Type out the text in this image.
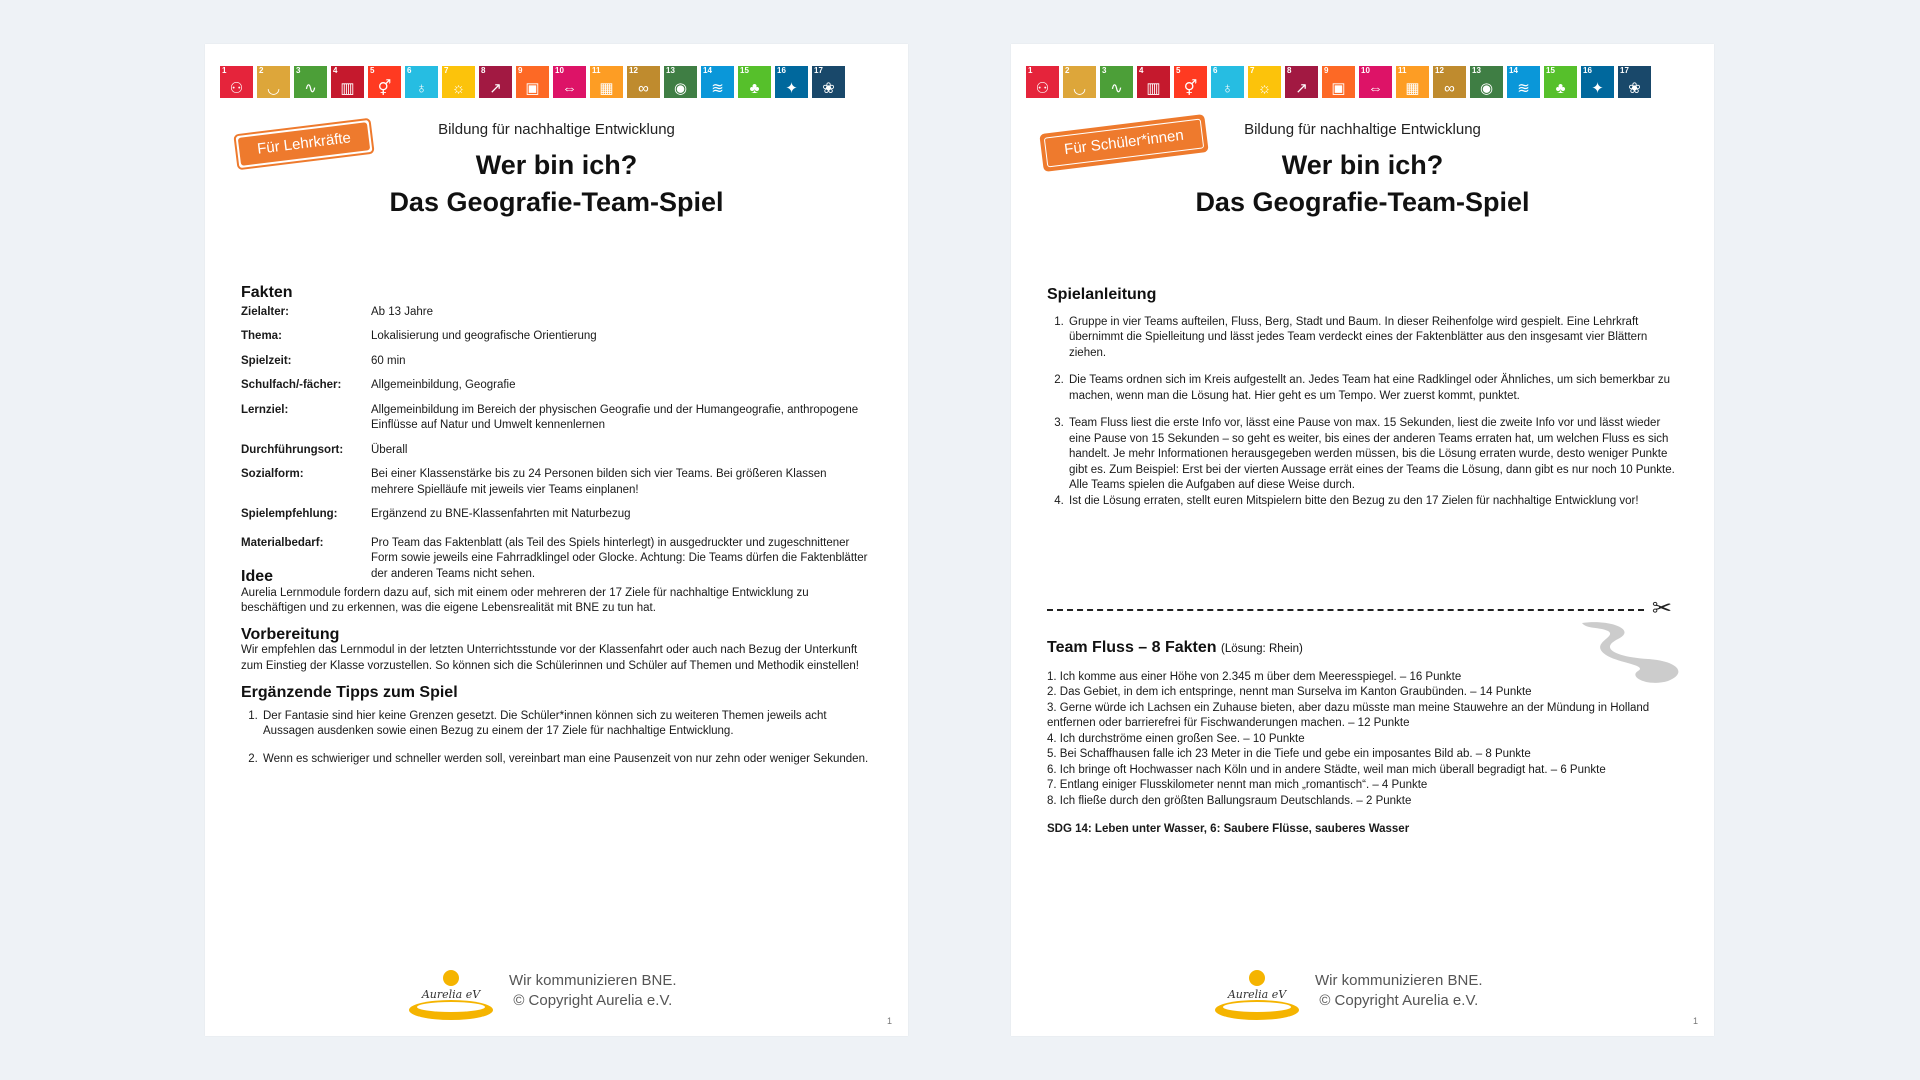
1
⚇
2
◡
3
∿
4
▥
5
⚥
6
♁
7
☼
8
↗
9
▣
10
⇔
11
▦
12
∞
13
◉
14
≋
15
♣
16
✦
17
❀
Für Lehrkräfte	Bildung für nachhaltige Entwicklung
Wer bin ich?
Das Geografie-Team-Spiel
Fakten
Zielalter:	Ab 13 Jahre
Thema:	Lokalisierung und geografische Orientierung
Spielzeit:	60 min
Schulfach/-fächer:	Allgemeinbildung, Geografie
Lernziel:	Allgemeinbildung im Bereich der physischen Geografie und der Humangeografie, anthropogene Einflüsse auf Natur und Umwelt kennenlernen
Durchführungsort:	Überall
Sozialform:	Bei einer Klassenstärke bis zu 24 Personen bilden sich vier Teams. Bei größeren Klassen mehrere Spielläufe mit jeweils vier Teams einplanen!
Spielempfehlung:	Ergänzend zu BNE-Klassenfahrten mit Naturbezug
Materialbedarf:	Pro Team das Faktenblatt (als Teil des Spiels hinterlegt) in ausgedruckter und zugeschnittener Form sowie jeweils eine Fahrradklingel oder Glocke. Achtung: Die Teams dürfen die Faktenblätter der anderen Teams nicht sehen.
Idee
Aurelia Lernmodule fordern dazu auf, sich mit einem oder mehreren der 17 Ziele für nachhaltige Entwicklung zu beschäftigen und zu erkennen, was die eigene Lebensrealität mit BNE zu tun hat.
Vorbereitung
Wir empfehlen das Lernmodul in der letzten Unterrichtsstunde vor der Klassenfahrt oder auch nach Bezug der Unterkunft zum Einstieg der Klasse vorzustellen. So können sich die Schülerinnen und Schüler auf Themen und Methodik einstellen!
Ergänzende Tipps zum Spiel
1. Der Fantasie sind hier keine Grenzen gesetzt. Die Schüler*innen können sich zu weiteren Themen jeweils acht Aussagen ausdenken sowie einen Bezug zu einem der 17 Ziele für nachhaltige Entwicklung.
2. Wenn es schwieriger und schneller werden soll, vereinbart man eine Pausenzeit von nur zehn oder weniger Sekunden.
Aurelia eV
Wir kommunizieren BNE.
© Copyright Aurelia e.V.
1
1
⚇
2
◡
3
∿
4
▥
5
⚥
6
♁
7
☼
8
↗
9
▣
10
⇔
11
▦
12
∞
13
◉
14
≋
15
♣
16
✦
17
❀
Für Schüler*innen	Bildung für nachhaltige Entwicklung
Wer bin ich?
Das Geografie-Team-Spiel
Spielanleitung
1. Gruppe in vier Teams aufteilen, Fluss, Berg, Stadt und Baum. In dieser Reihenfolge wird gespielt. Eine Lehrkraft übernimmt die Spielleitung und lässt jedes Team verdeckt eines der Faktenblätter aus den insgesamt vier Blättern ziehen.
2. Die Teams ordnen sich im Kreis aufgestellt an. Jedes Team hat eine Radklingel oder Ähnliches, um sich bemerkbar zu machen, wenn man die Lösung hat. Hier geht es um Tempo. Wer zuerst kommt, punktet.
3. Team Fluss liest die erste Info vor, lässt eine Pause von max. 15 Sekunden, liest die zweite Info vor und lässt wieder eine Pause von 15 Sekunden – so geht es weiter, bis eines der anderen Teams erraten hat, um welchen Fluss es sich handelt. Je mehr Informationen herausgegeben werden müssen, bis die Lösung erraten wurde, desto weniger Punkte gibt es. Zum Beispiel: Erst bei der vierten Aussage errät eines der Teams die Lösung, dann gibt es nur noch 10 Punkte. Alle Teams spielen die Aufgaben auf diese Weise durch.
4. Ist die Lösung erraten, stellt euren Mitspielern bitte den Bezug zu den 17 Zielen für nachhaltige Entwicklung vor!
✂
Team Fluss – 8 Fakten (Lösung: Rhein)
1. Ich komme aus einer Höhe von 2.345 m über dem Meeresspiegel. – 16 Punkte
2. Das Gebiet, in dem ich entspringe, nennt man Surselva im Kanton Graubünden. – 14 Punkte
3. Gerne würde ich Lachsen ein Zuhause bieten, aber dazu müsste man meine Stauwehre an der Mündung in Holland entfernen oder barrierefrei für Fischwanderungen machen. – 12 Punkte
4. Ich durchströme einen großen See. – 10 Punkte
5. Bei Schaffhausen falle ich 23 Meter in die Tiefe und gebe ein imposantes Bild ab. – 8 Punkte
6. Ich bringe oft Hochwasser nach Köln und in andere Städte, weil man mich überall begradigt hat. – 6 Punkte
7. Entlang einiger Flusskilometer nennt man mich „romantisch“. – 4 Punkte
8. Ich fließe durch den größten Ballungsraum Deutschlands. – 2 Punkte
SDG 14: Leben unter Wasser, 6: Saubere Flüsse, sauberes Wasser
Aurelia eV
Wir kommunizieren BNE.
© Copyright Aurelia e.V.
1
